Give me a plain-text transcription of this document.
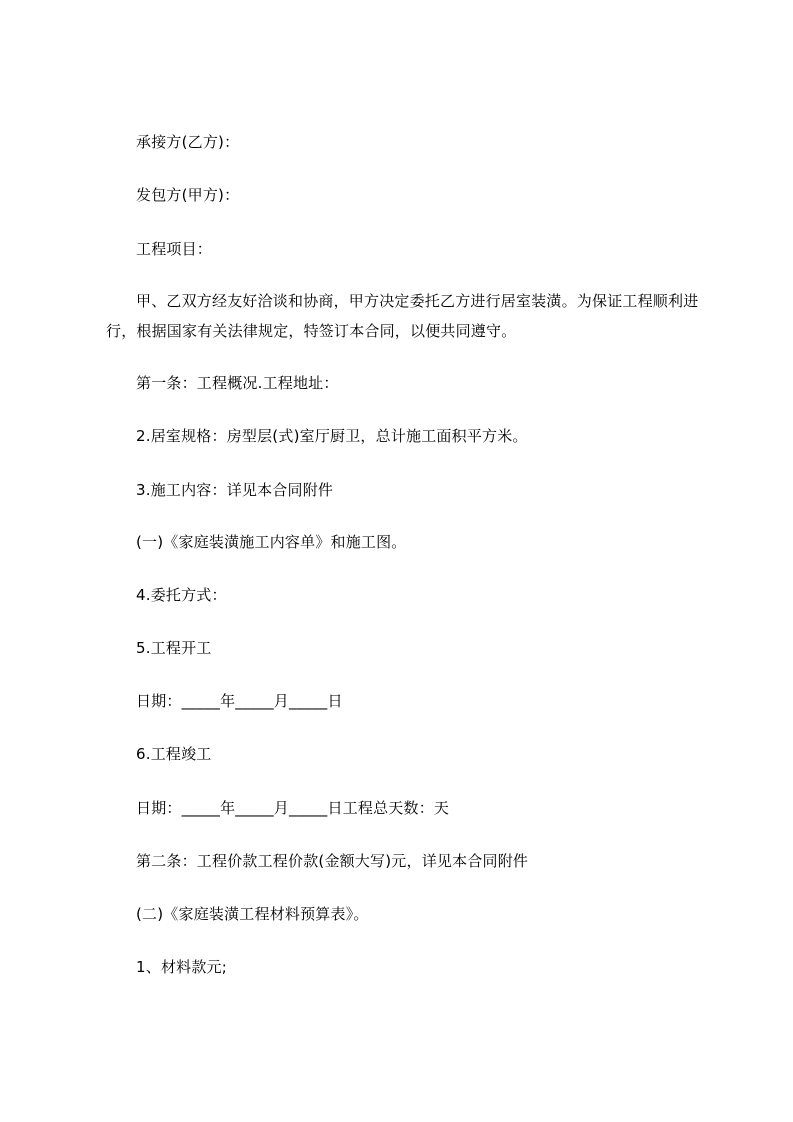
承接方(乙方)：
发包方(甲方)：
工程项目：
甲、乙双方经友好洽谈和协商，甲方决定委托乙方进行居室装潢。为保证工程顺利进行，根据国家有关法律规定，特签订本合同，以便共同遵守。
第一条：工程概况.工程地址：
2.居室规格：房型层(式)室厅厨卫，总计施工面积平方米。
3.施工内容：详见本合同附件
(一)《家庭装潢施工内容单》和施工图。
4.委托方式：
5.工程开工
日期：_____年_____月_____日
6.工程竣工
日期：_____年_____月_____日工程总天数：天
第二条：工程价款工程价款(金额大写)元，详见本合同附件
(二)《家庭装潢工程材料预算表》。
1、材料款元;
